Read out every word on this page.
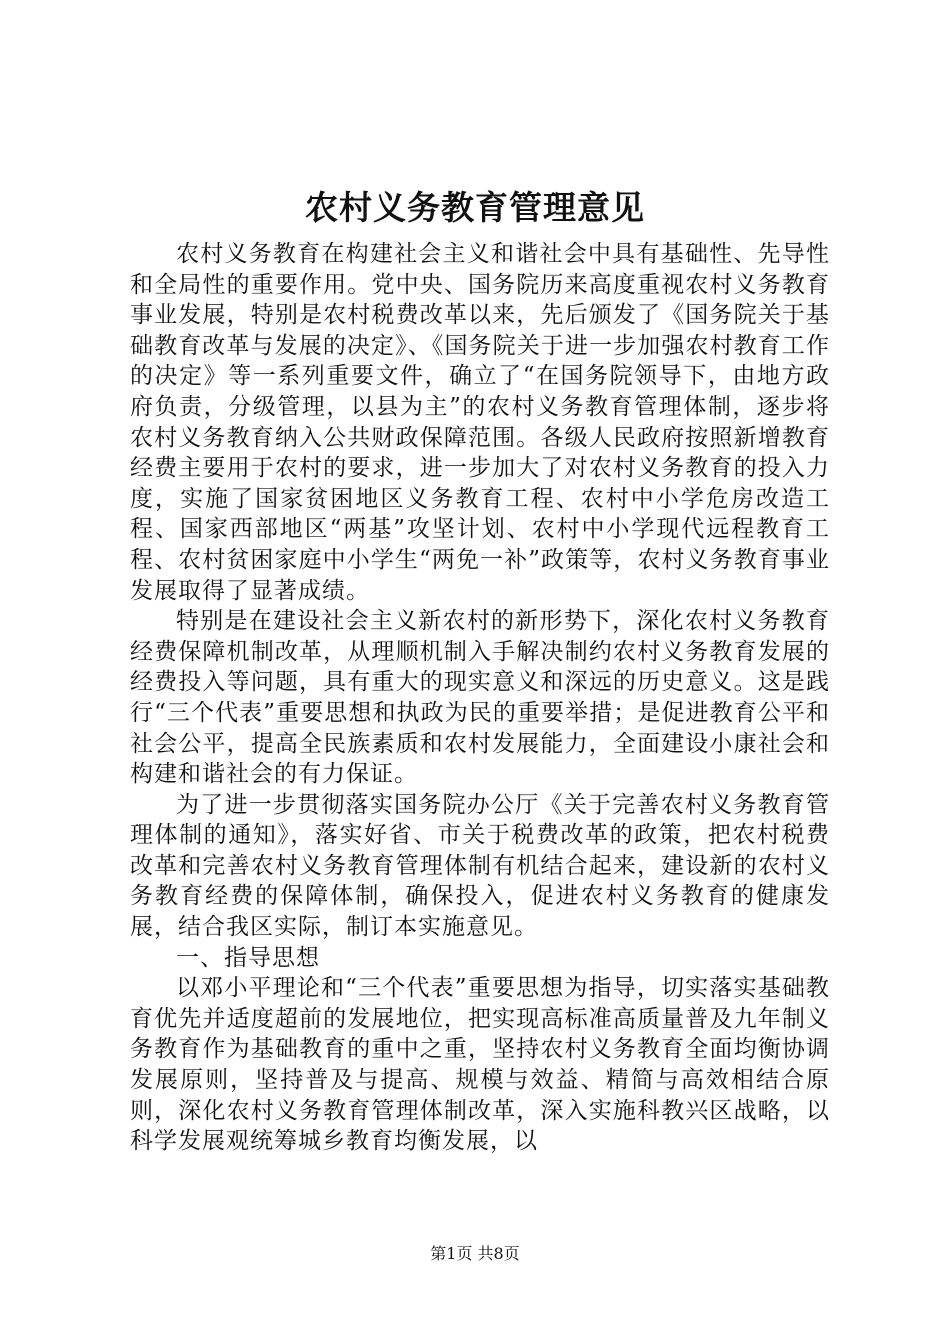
农村义务教育管理意见

农村义务教育在构建社会主义和谐社会中具有基础性、先导性和全局性的重要作用。党中央、国务院历来高度重视农村义务教育事业发展，特别是农村税费改革以来，先后颁发了《国务院关于基础教育改革与发展的决定》、《国务院关于进一步加强农村教育工作的决定》等一系列重要文件，确立了“在国务院领导下，由地方政府负责，分级管理，以县为主”的农村义务教育管理体制，逐步将农村义务教育纳入公共财政保障范围。各级人民政府按照新增教育经费主要用于农村的要求，进一步加大了对农村义务教育的投入力度，实施了国家贫困地区义务教育工程、农村中小学危房改造工程、国家西部地区“两基”攻坚计划、农村中小学现代远程教育工程、农村贫困家庭中小学生“两免一补”政策等，农村义务教育事业发展取得了显著成绩。

特别是在建设社会主义新农村的新形势下，深化农村义务教育经费保障机制改革，从理顺机制入手解决制约农村义务教育发展的经费投入等问题，具有重大的现实意义和深远的历史意义。这是践行“三个代表”重要思想和执政为民的重要举措；是促进教育公平和社会公平，提高全民族素质和农村发展能力，全面建设小康社会和构建和谐社会的有力保证。

为了进一步贯彻落实国务院办公厅《关于完善农村义务教育管理体制的通知》，落实好省、市关于税费改革的政策，把农村税费改革和完善农村义务教育管理体制有机结合起来，建设新的农村义务教育经费的保障体制，确保投入，促进农村义务教育的健康发展，结合我区实际，制订本实施意见。

一、指导思想

以邓小平理论和“三个代表”重要思想为指导，切实落实基础教育优先并适度超前的发展地位，把实现高标准高质量普及九年制义务教育作为基础教育的重中之重，坚持农村义务教育全面均衡协调发展原则，坚持普及与提高、规模与效益、精简与高效相结合原则，深化农村义务教育管理体制改革，深入实施科教兴区战略，以科学发展观统筹城乡教育均衡发展，以

第1页 共8页
